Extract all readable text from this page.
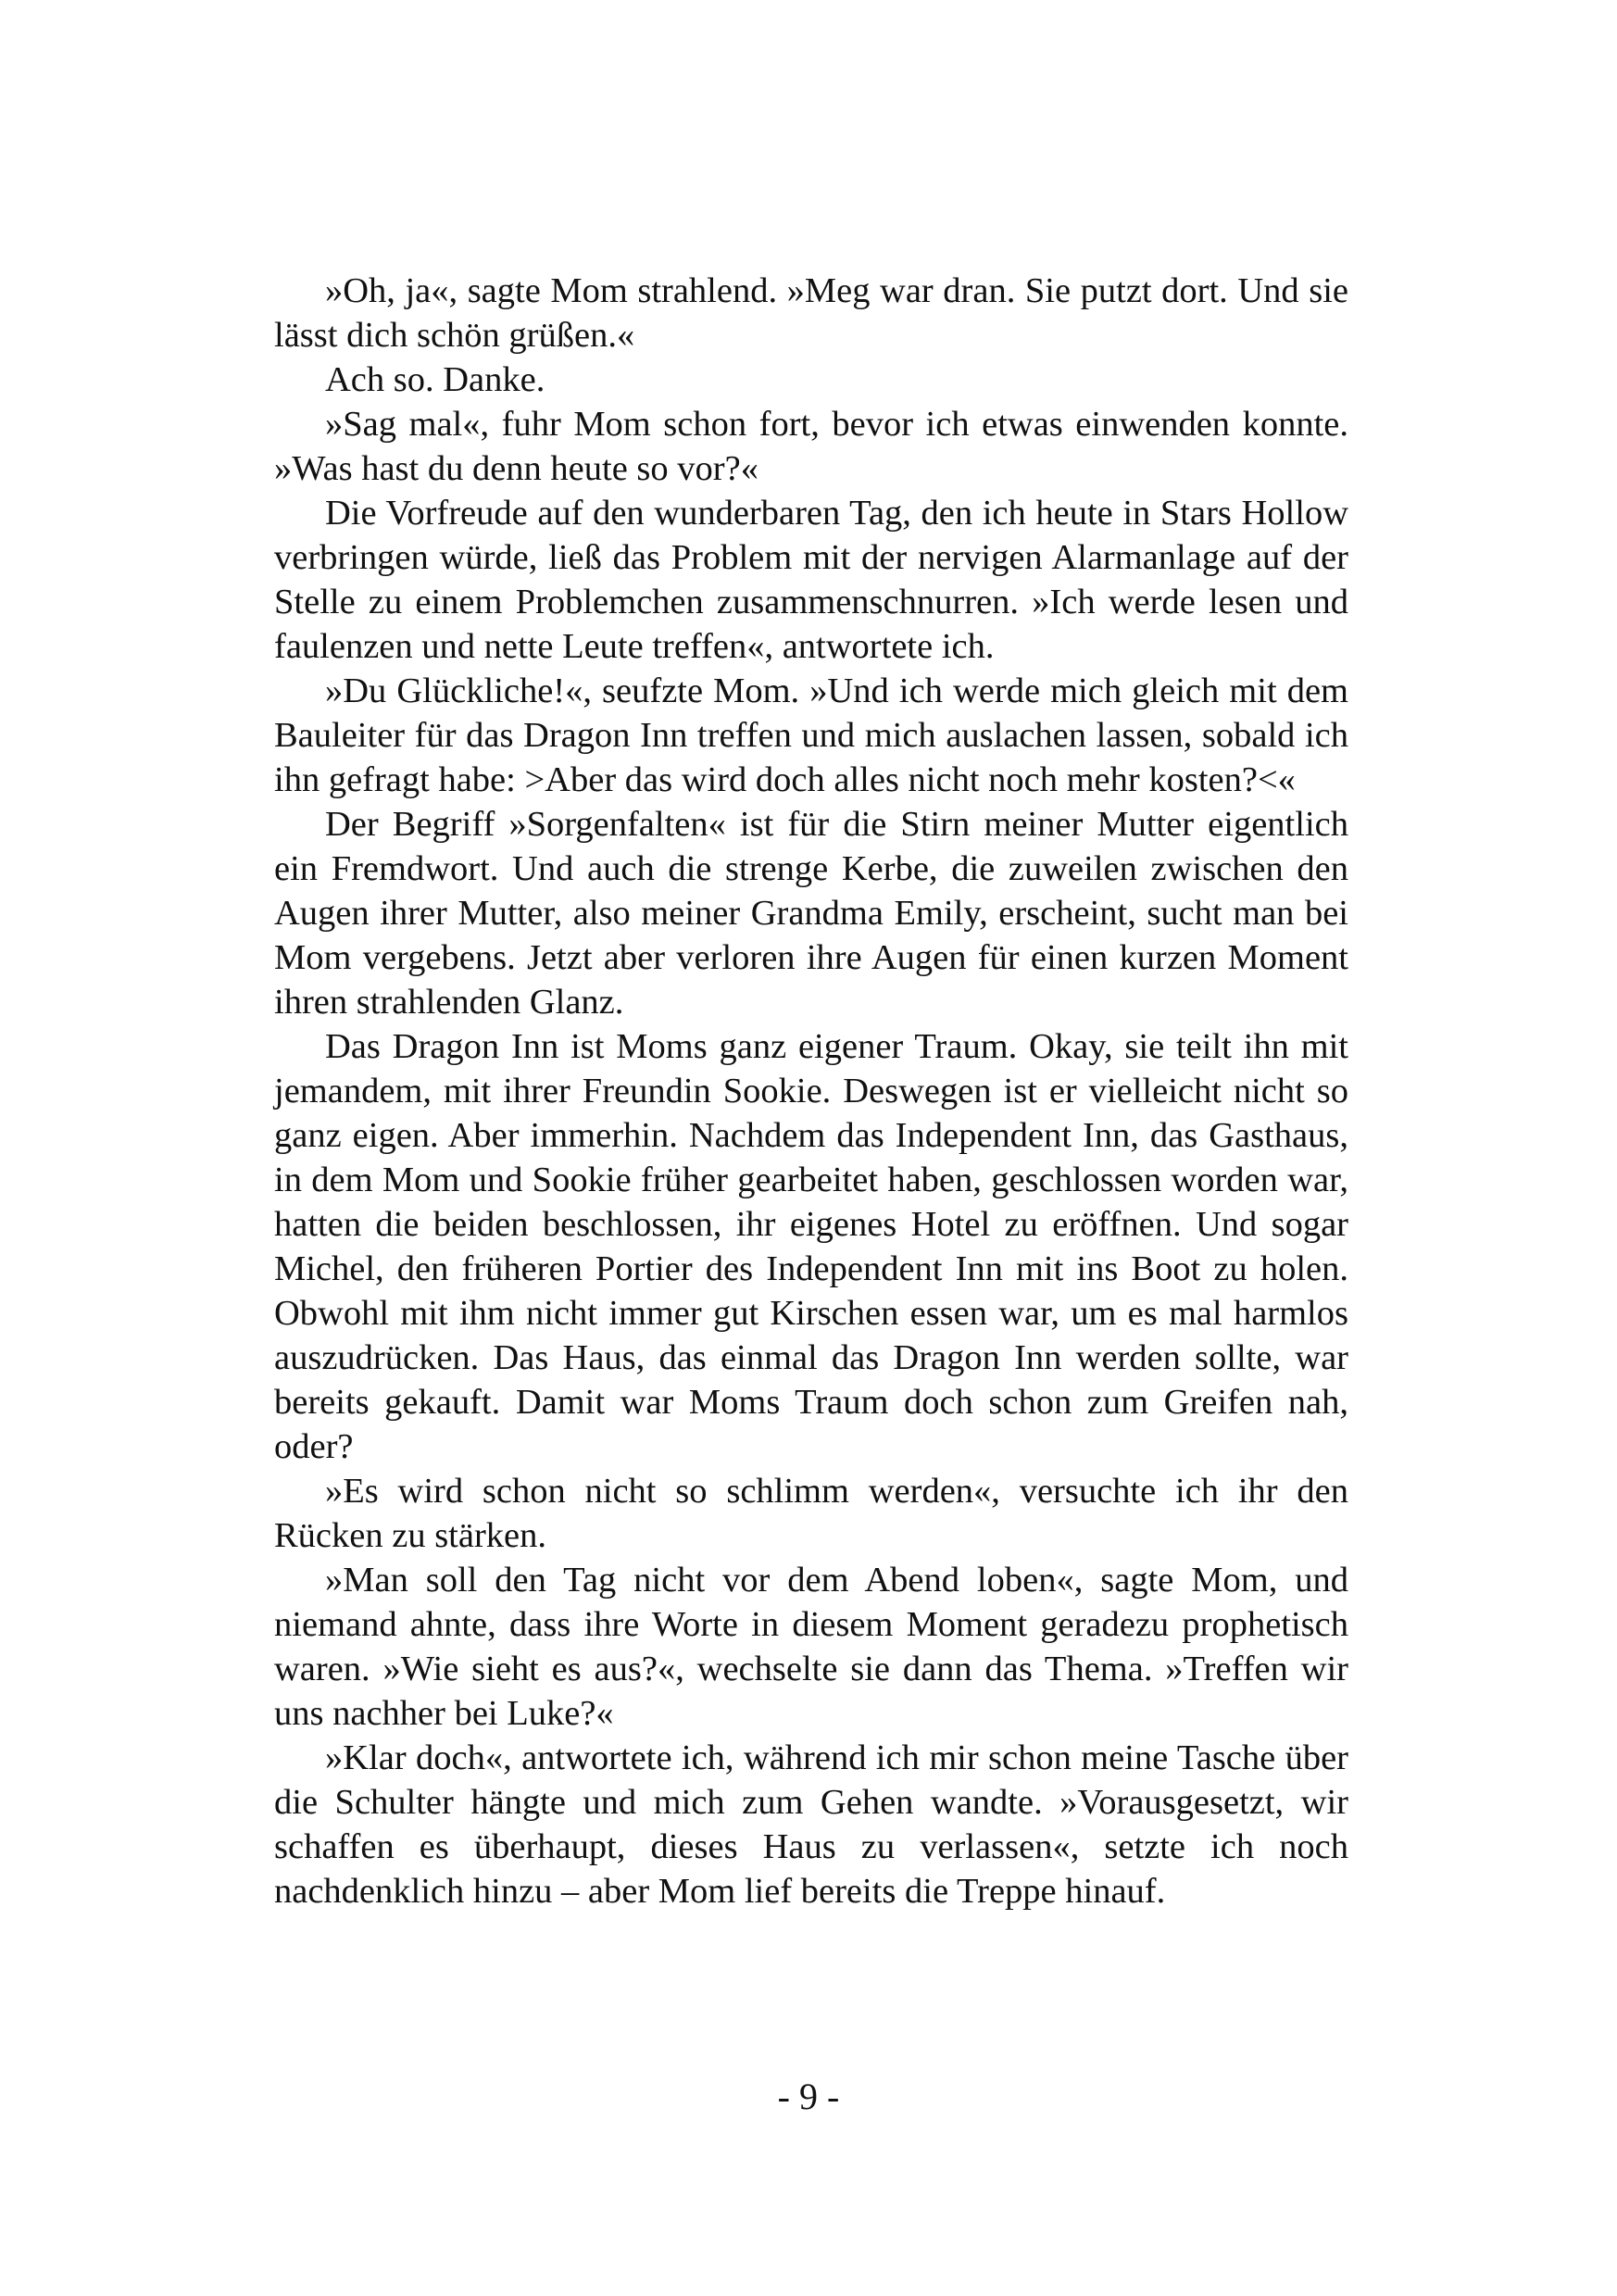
»Oh, ja«, sagte Mom strahlend. »Meg war dran. Sie putzt dort. Und sie lässt dich schön grüßen.«

Ach so. Danke.

»Sag mal«, fuhr Mom schon fort, bevor ich etwas einwenden konnte. »Was hast du denn heute so vor?«

Die Vorfreude auf den wunderbaren Tag, den ich heute in Stars Hollow verbringen würde, ließ das Problem mit der nervigen Alarmanlage auf der Stelle zu einem Problemchen zusammenschnurren. »Ich werde lesen und faulenzen und nette Leute treffen«, antwortete ich.

»Du Glückliche!«, seufzte Mom. »Und ich werde mich gleich mit dem Bauleiter für das Dragon Inn treffen und mich auslachen lassen, sobald ich ihn gefragt habe: >Aber das wird doch alles nicht noch mehr kosten?<«

Der Begriff »Sorgenfalten« ist für die Stirn meiner Mutter eigentlich ein Fremdwort. Und auch die strenge Kerbe, die zuweilen zwischen den Augen ihrer Mutter, also meiner Grandma Emily, erscheint, sucht man bei Mom vergebens. Jetzt aber verloren ihre Augen für einen kurzen Moment ihren strahlenden Glanz.

Das Dragon Inn ist Moms ganz eigener Traum. Okay, sie teilt ihn mit jemandem, mit ihrer Freundin Sookie. Deswegen ist er vielleicht nicht so ganz eigen. Aber immerhin. Nachdem das Independent Inn, das Gasthaus, in dem Mom und Sookie früher gearbeitet haben, geschlossen worden war, hatten die beiden beschlossen, ihr eigenes Hotel zu eröffnen. Und sogar Michel, den früheren Portier des Independent Inn mit ins Boot zu holen. Obwohl mit ihm nicht immer gut Kirschen essen war, um es mal harmlos auszudrücken. Das Haus, das einmal das Dragon Inn werden sollte, war bereits gekauft. Damit war Moms Traum doch schon zum Greifen nah, oder?

»Es wird schon nicht so schlimm werden«, versuchte ich ihr den Rücken zu stärken.

»Man soll den Tag nicht vor dem Abend loben«, sagte Mom, und niemand ahnte, dass ihre Worte in diesem Moment geradezu prophetisch waren. »Wie sieht es aus?«, wechselte sie dann das Thema. »Treffen wir uns nachher bei Luke?«

»Klar doch«, antwortete ich, während ich mir schon meine Tasche über die Schulter hängte und mich zum Gehen wandte. »Vorausgesetzt, wir schaffen es überhaupt, dieses Haus zu verlassen«, setzte ich noch nachdenklich hinzu – aber Mom lief bereits die Treppe hinauf.

- 9 -
